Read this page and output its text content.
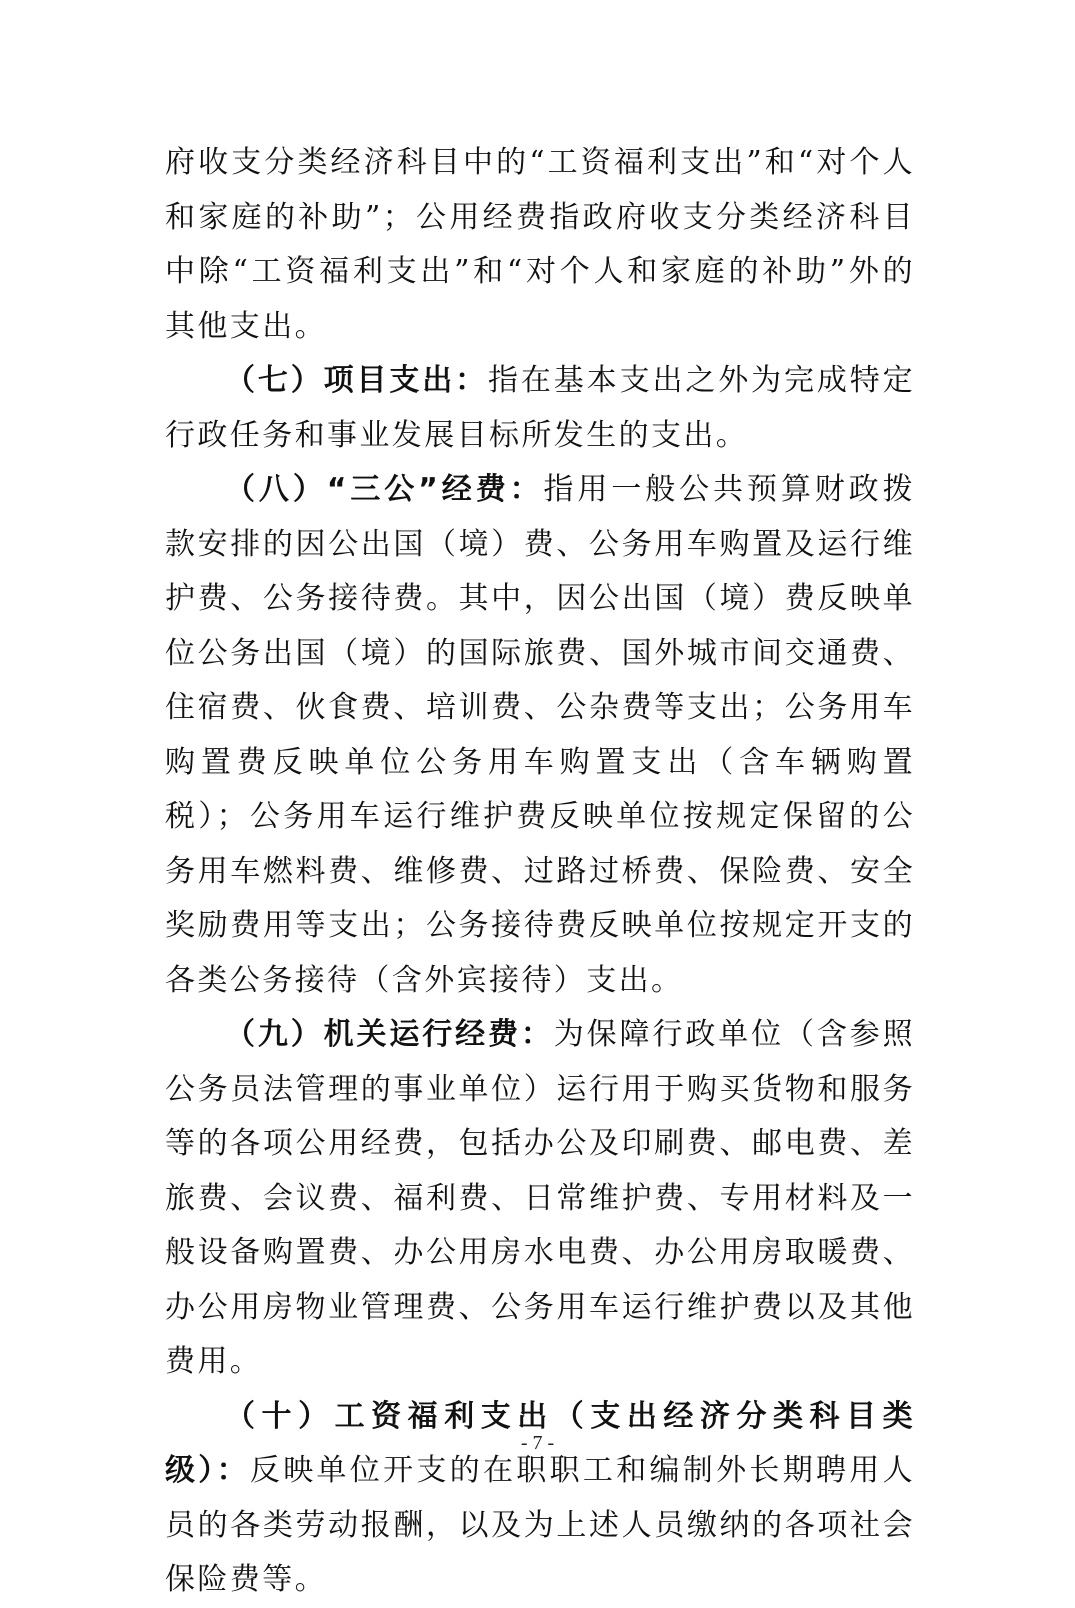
府收支分类经济科目中的“工资福利支出”和“对个人和家庭的补助”；公用经费指政府收支分类经济科目中除“工资福利支出”和“对个人和家庭的补助”外的其他支出。

（七）项目支出：指在基本支出之外为完成特定行政任务和事业发展目标所发生的支出。

（八）“三公”经费：指用一般公共预算财政拨款安排的因公出国（境）费、公务用车购置及运行维护费、公务接待费。其中，因公出国（境）费反映单位公务出国（境）的国际旅费、国外城市间交通费、住宿费、伙食费、培训费、公杂费等支出；公务用车购置费反映单位公务用车购置支出（含车辆购置税）；公务用车运行维护费反映单位按规定保留的公务用车燃料费、维修费、过路过桥费、保险费、安全奖励费用等支出；公务接待费反映单位按规定开支的各类公务接待（含外宾接待）支出。

（九）机关运行经费：为保障行政单位（含参照公务员法管理的事业单位）运行用于购买货物和服务等的各项公用经费，包括办公及印刷费、邮电费、差旅费、会议费、福利费、日常维护费、专用材料及一般设备购置费、办公用房水电费、办公用房取暖费、办公用房物业管理费、公务用车运行维护费以及其他费用。

（十）工资福利支出（支出经济分类科目类级）：反映单位开支的在职职工和编制外长期聘用人员的各类劳动报酬，以及为上述人员缴纳的各项社会保险费等。

- 7 -
